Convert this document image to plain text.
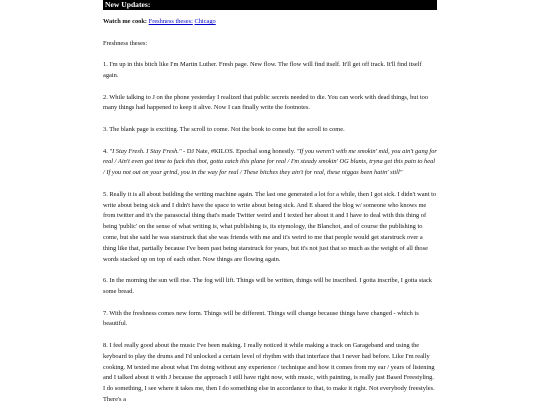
New Updates:

Watch me cook: Freshness theses: Chicago

Freshness theses:

1. I'm up in this bitch like I'm Martin Luther. Fresh page. New flow. The flow will find itself. It'll get off track. It'll find itself again.

2. While talking to J on the phone yesterday I realized that public secrets needed to die. You can work with dead things, but too many things had happened to keep it alive. Now I can finally write the footnotes.

3. The blank page is exciting. The scroll to come. Not the book to come but the scroll to come.

4. "I Stay Fresh. I Stay Fresh." - DJ Nate, #KILOS. Epochal song honestly. "If you weren't with me smokin' mid, you ain't gang for real / Ain't even got time to fuck this thot, gotta catch this plane for real / I'm steady smokin' OG blunts, tryna get this pain to heal / If you not out on your grind, you in the way for real / These bitches they ain't for real, these niggas been hatin' still"

5. Really it is all about building the writing machine again. The last one generated a lot for a while, then I got sick. I didn't want to write about being sick and I didn't have the space to write about being sick. And E shared the blog w/ someone who knows me from twitter and it's the parasocial thing that's made Twitter weird and I texted her about it and I have to deal with this thing of being 'public' on the sense of what writing is, what publishing is, its etymology, the Blanchot, and of course the publishing to come, but she said he was starstruck that she was friends with me and it's weird to me that people would get starstruck over a thing like that, partially because I've been past being starstruck for years, but it's not just that so much as the weight of all those words stacked up on top of each other. Now things are flowing again.

6. In the morning the sun will rise. The fog will lift. Things will be written, things will be inscribed. I gotta inscribe, I gotta stack some bread.

7. With the freshness comes new form. Things will be different. Things will change because things have changed - which is beautiful.

8. I feel really good about the music I've been making. I really noticed it while making a track on Garageband and using the keyboard to play the drums and I'd unlocked a certain level of rhythm with that interface that I never had before. Like I'm really cooking. M texted me about what I'm doing without any experience / technique and how it comes from my ear / years of listening and I talked about it with J because the approach I still have right now, with music, with painting, is really just Based Freestyling. I do something, I see where it takes me, then I do something else in accordance to that, to make it right. Not everybody freestyles. There's a
